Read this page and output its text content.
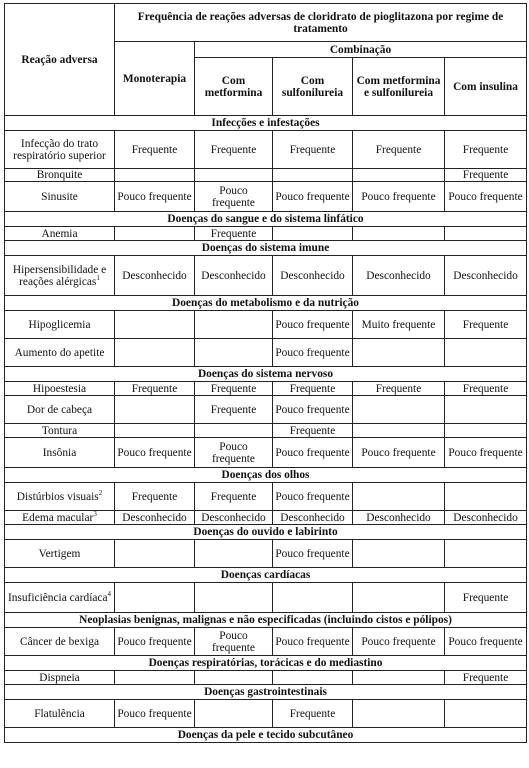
Reação adversa	Frequência de reações adversas de cloridrato de pioglitazona por regime de tratamento				
	Monoterapia	Combinação			
		Com metformina	Com sulfonilureia	Com metformina e sulfonilureia	Com insulina
Infecções e infestações					
Infecção do trato respiratório superior	Frequente	Frequente	Frequente	Frequente	Frequente
Bronquite					Frequente
Sinusite	Pouco frequente	Pouco frequente	Pouco frequente	Pouco frequente	Pouco frequente
Doenças do sangue e do sistema linfático					
Anemia		Frequente			
Doenças do sistema imune					
Hipersensibilidade e reações alérgicas$^1$	Desconhecido	Desconhecido	Desconhecido	Desconhecido	Desconhecido
Doenças do metabolismo e da nutrição					
Hipoglicemia			Pouco frequente	Muito frequente	Frequente
Aumento do apetite			Pouco frequente		
Doenças do sistema nervoso					
Hipoestesia	Frequente	Frequente	Frequente	Frequente	Frequente
Dor de cabeça		Frequente	Pouco frequente		
Tontura			Frequente		
Insônia	Pouco frequente	Pouco frequente	Pouco frequente	Pouco frequente	Pouco frequente
Doenças dos olhos					
Distúrbios visuais$^2$	Frequente	Frequente	Pouco frequente		
Edema macular$^3$	Desconhecido	Desconhecido	Desconhecido	Desconhecido	Desconhecido
Doenças do ouvido e labirinto					
Vertigem			Pouco frequente		
Doenças cardíacas					
Insuficiência cardíaca$^4$					Frequente
Neoplasias benignas, malignas e não especificadas (incluindo cistos e pólipos)					
Câncer de bexiga	Pouco frequente	Pouco frequente	Pouco frequente	Pouco frequente	Pouco frequente
Doenças respiratórias, torácicas e do mediastino					
Dispneia					Frequente
Doenças gastrointestinais					
Flatulência	Pouco frequente		Frequente		
Doenças da pele e tecido subcutâneo					
